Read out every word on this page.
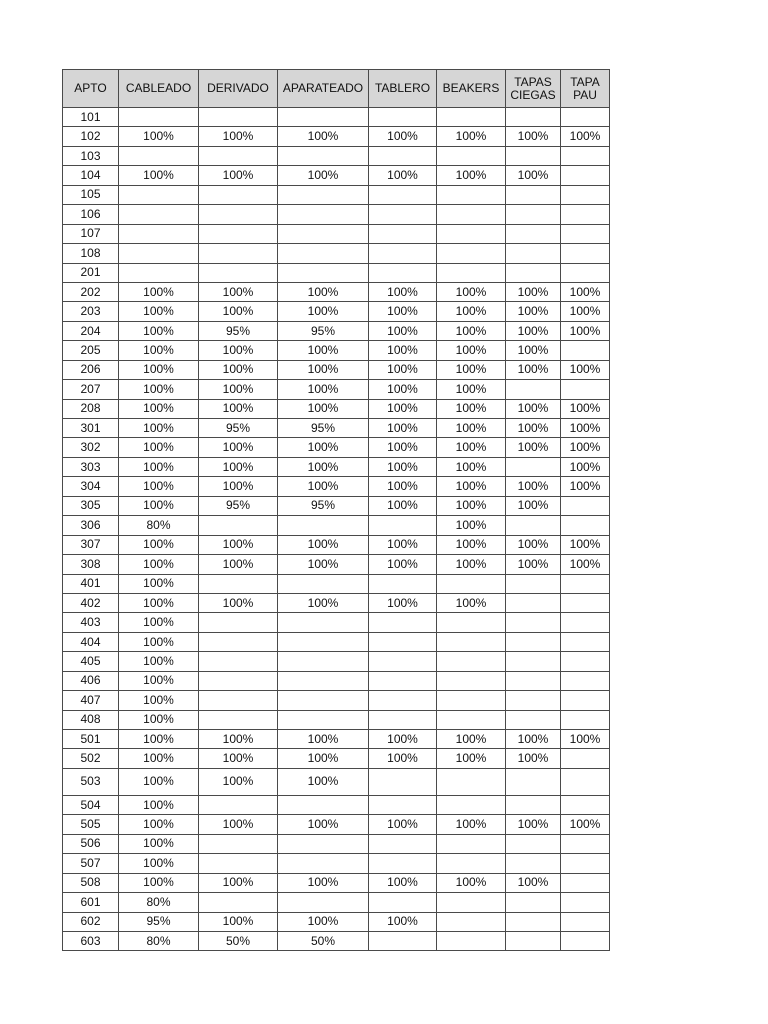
APTO	CABLEADO	DERIVADO	APARATEADO	TABLERO	BEAKERS	TAPAS CIEGAS	TAPA PAU
101							
102	100%	100%	100%	100%	100%	100%	100%
103							
104	100%	100%	100%	100%	100%	100%	
105							
106							
107							
108							
201							
202	100%	100%	100%	100%	100%	100%	100%
203	100%	100%	100%	100%	100%	100%	100%
204	100%	95%	95%	100%	100%	100%	100%
205	100%	100%	100%	100%	100%	100%	
206	100%	100%	100%	100%	100%	100%	100%
207	100%	100%	100%	100%	100%		
208	100%	100%	100%	100%	100%	100%	100%
301	100%	95%	95%	100%	100%	100%	100%
302	100%	100%	100%	100%	100%	100%	100%
303	100%	100%	100%	100%	100%		100%
304	100%	100%	100%	100%	100%	100%	100%
305	100%	95%	95%	100%	100%	100%	
306	80%				100%		
307	100%	100%	100%	100%	100%	100%	100%
308	100%	100%	100%	100%	100%	100%	100%
401	100%						
402	100%	100%	100%	100%	100%		
403	100%						
404	100%						
405	100%						
406	100%						
407	100%						
408	100%						
501	100%	100%	100%	100%	100%	100%	100%
502	100%	100%	100%	100%	100%	100%	
503	100%	100%	100%				
504	100%						
505	100%	100%	100%	100%	100%	100%	100%
506	100%						
507	100%						
508	100%	100%	100%	100%	100%	100%	
601	80%						
602	95%	100%	100%	100%			
603	80%	50%	50%				
